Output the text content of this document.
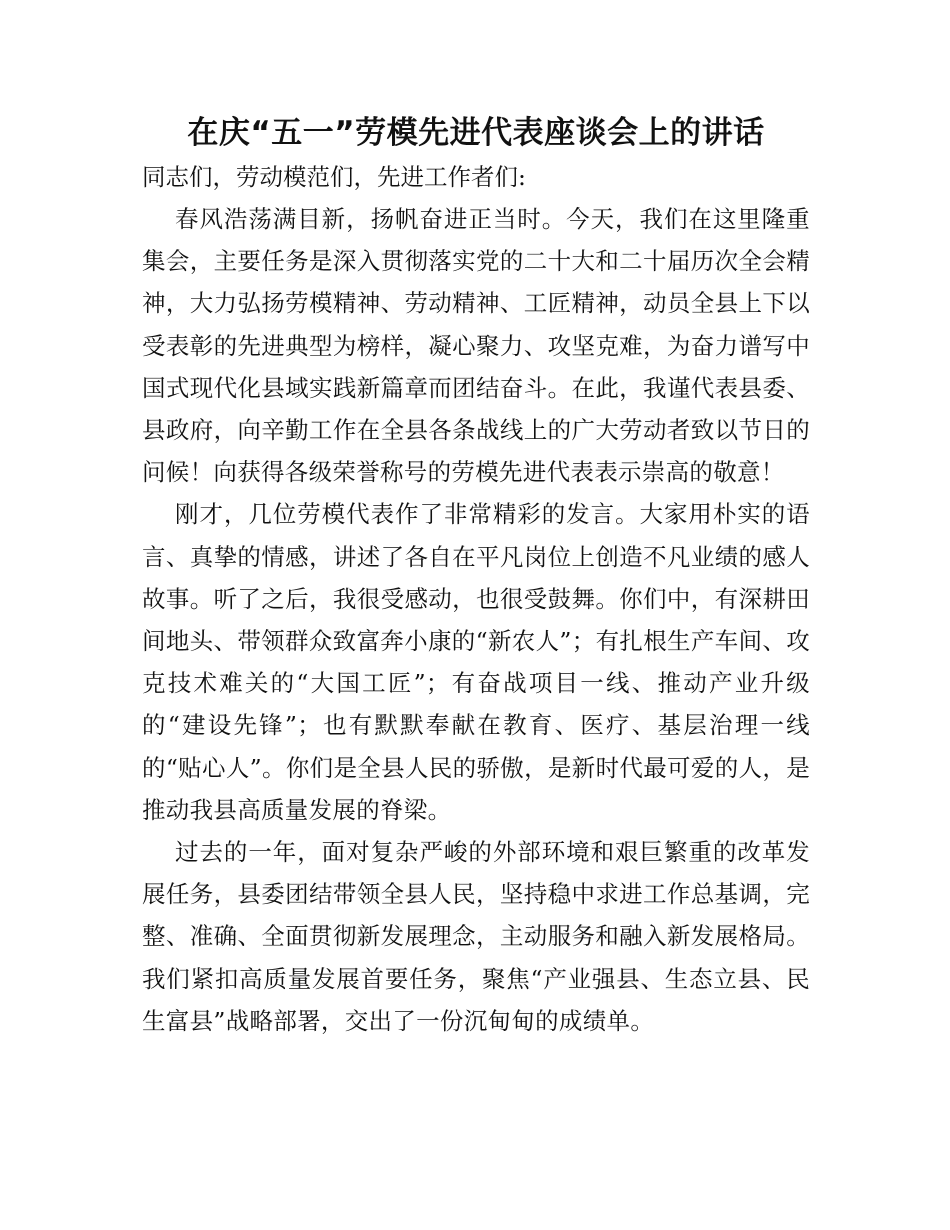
在庆“五一”劳模先进代表座谈会上的讲话

同志们，劳动模范们，先进工作者们:

春风浩荡满目新，扬帆奋进正当时。今天，我们在这里隆重集会，主要任务是深入贯彻落实党的二十大和二十届历次全会精神，大力弘扬劳模精神、劳动精神、工匠精神，动员全县上下以受表彰的先进典型为榜样，凝心聚力、攻坚克难，为奋力谱写中国式现代化县域实践新篇章而团结奋斗。在此，我谨代表县委、县政府，向辛勤工作在全县各条战线上的广大劳动者致以节日的问候！向获得各级荣誉称号的劳模先进代表表示崇高的敬意！

刚才，几位劳模代表作了非常精彩的发言。大家用朴实的语言、真挚的情感，讲述了各自在平凡岗位上创造不凡业绩的感人故事。听了之后，我很受感动，也很受鼓舞。你们中，有深耕田间地头、带领群众致富奔小康的“新农人”；有扎根生产车间、攻克技术难关的“大国工匠”；有奋战项目一线、推动产业升级的“建设先锋”；也有默默奉献在教育、医疗、基层治理一线的“贴心人”。你们是全县人民的骄傲，是新时代最可爱的人，是推动我县高质量发展的脊梁。

过去的一年，面对复杂严峻的外部环境和艰巨繁重的改革发展任务，县委团结带领全县人民，坚持稳中求进工作总基调，完整、准确、全面贯彻新发展理念，主动服务和融入新发展格局。我们紧扣高质量发展首要任务，聚焦“产业强县、生态立县、民生富县”战略部署，交出了一份沉甸甸的成绩单。
